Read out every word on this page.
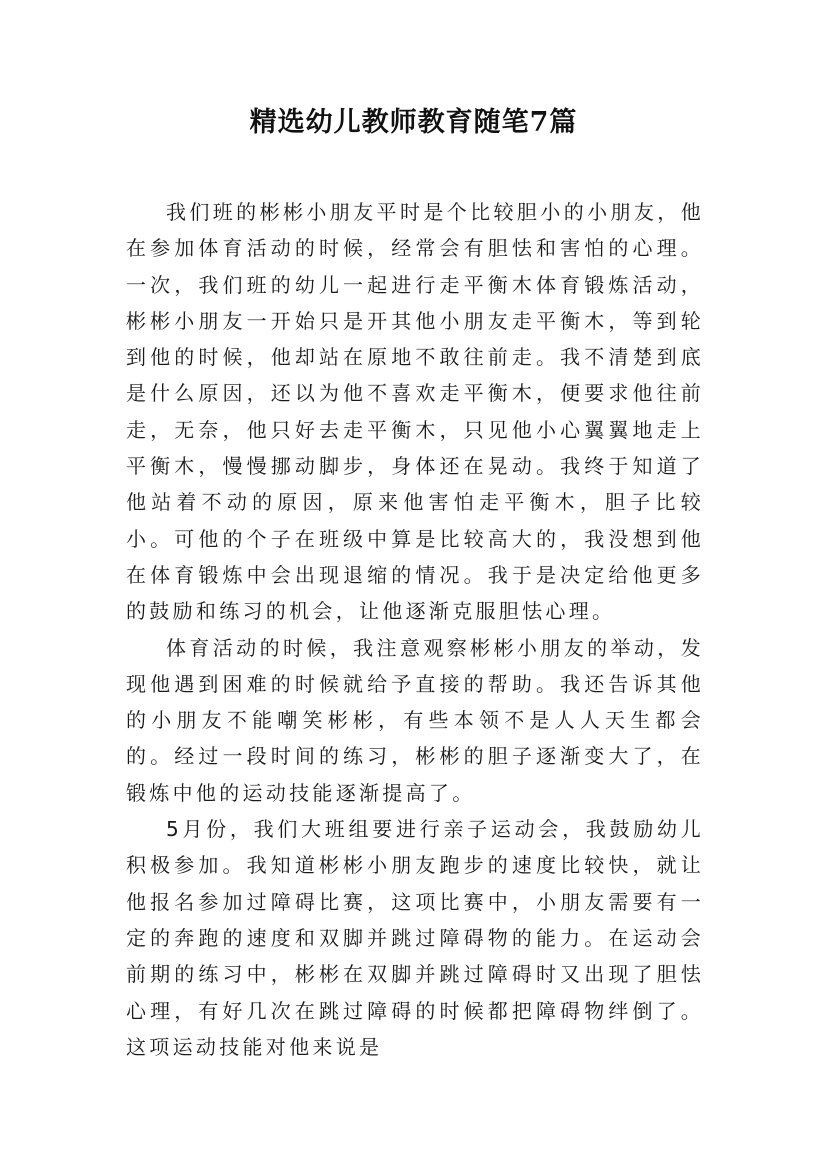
精选幼儿教师教育随笔7篇

我们班的彬彬小朋友平时是个比较胆小的小朋友，他在参加体育活动的时候，经常会有胆怯和害怕的心理。一次，我们班的幼儿一起进行走平衡木体育锻炼活动，彬彬小朋友一开始只是开其他小朋友走平衡木，等到轮到他的时候，他却站在原地不敢往前走。我不清楚到底是什么原因，还以为他不喜欢走平衡木，便要求他往前走，无奈，他只好去走平衡木，只见他小心翼翼地走上平衡木，慢慢挪动脚步，身体还在晃动。我终于知道了他站着不动的原因，原来他害怕走平衡木，胆子比较小。可他的个子在班级中算是比较高大的，我没想到他在体育锻炼中会出现退缩的情况。我于是决定给他更多的鼓励和练习的机会，让他逐渐克服胆怯心理。

体育活动的时候，我注意观察彬彬小朋友的举动，发现他遇到困难的时候就给予直接的帮助。我还告诉其他的小朋友不能嘲笑彬彬，有些本领不是人人天生都会的。经过一段时间的练习，彬彬的胆子逐渐变大了，在锻炼中他的运动技能逐渐提高了。

5月份，我们大班组要进行亲子运动会，我鼓励幼儿积极参加。我知道彬彬小朋友跑步的速度比较快，就让他报名参加过障碍比赛，这项比赛中，小朋友需要有一定的奔跑的速度和双脚并跳过障碍物的能力。在运动会前期的练习中，彬彬在双脚并跳过障碍时又出现了胆怯心理，有好几次在跳过障碍的时候都把障碍物绊倒了。这项运动技能对他来说是
